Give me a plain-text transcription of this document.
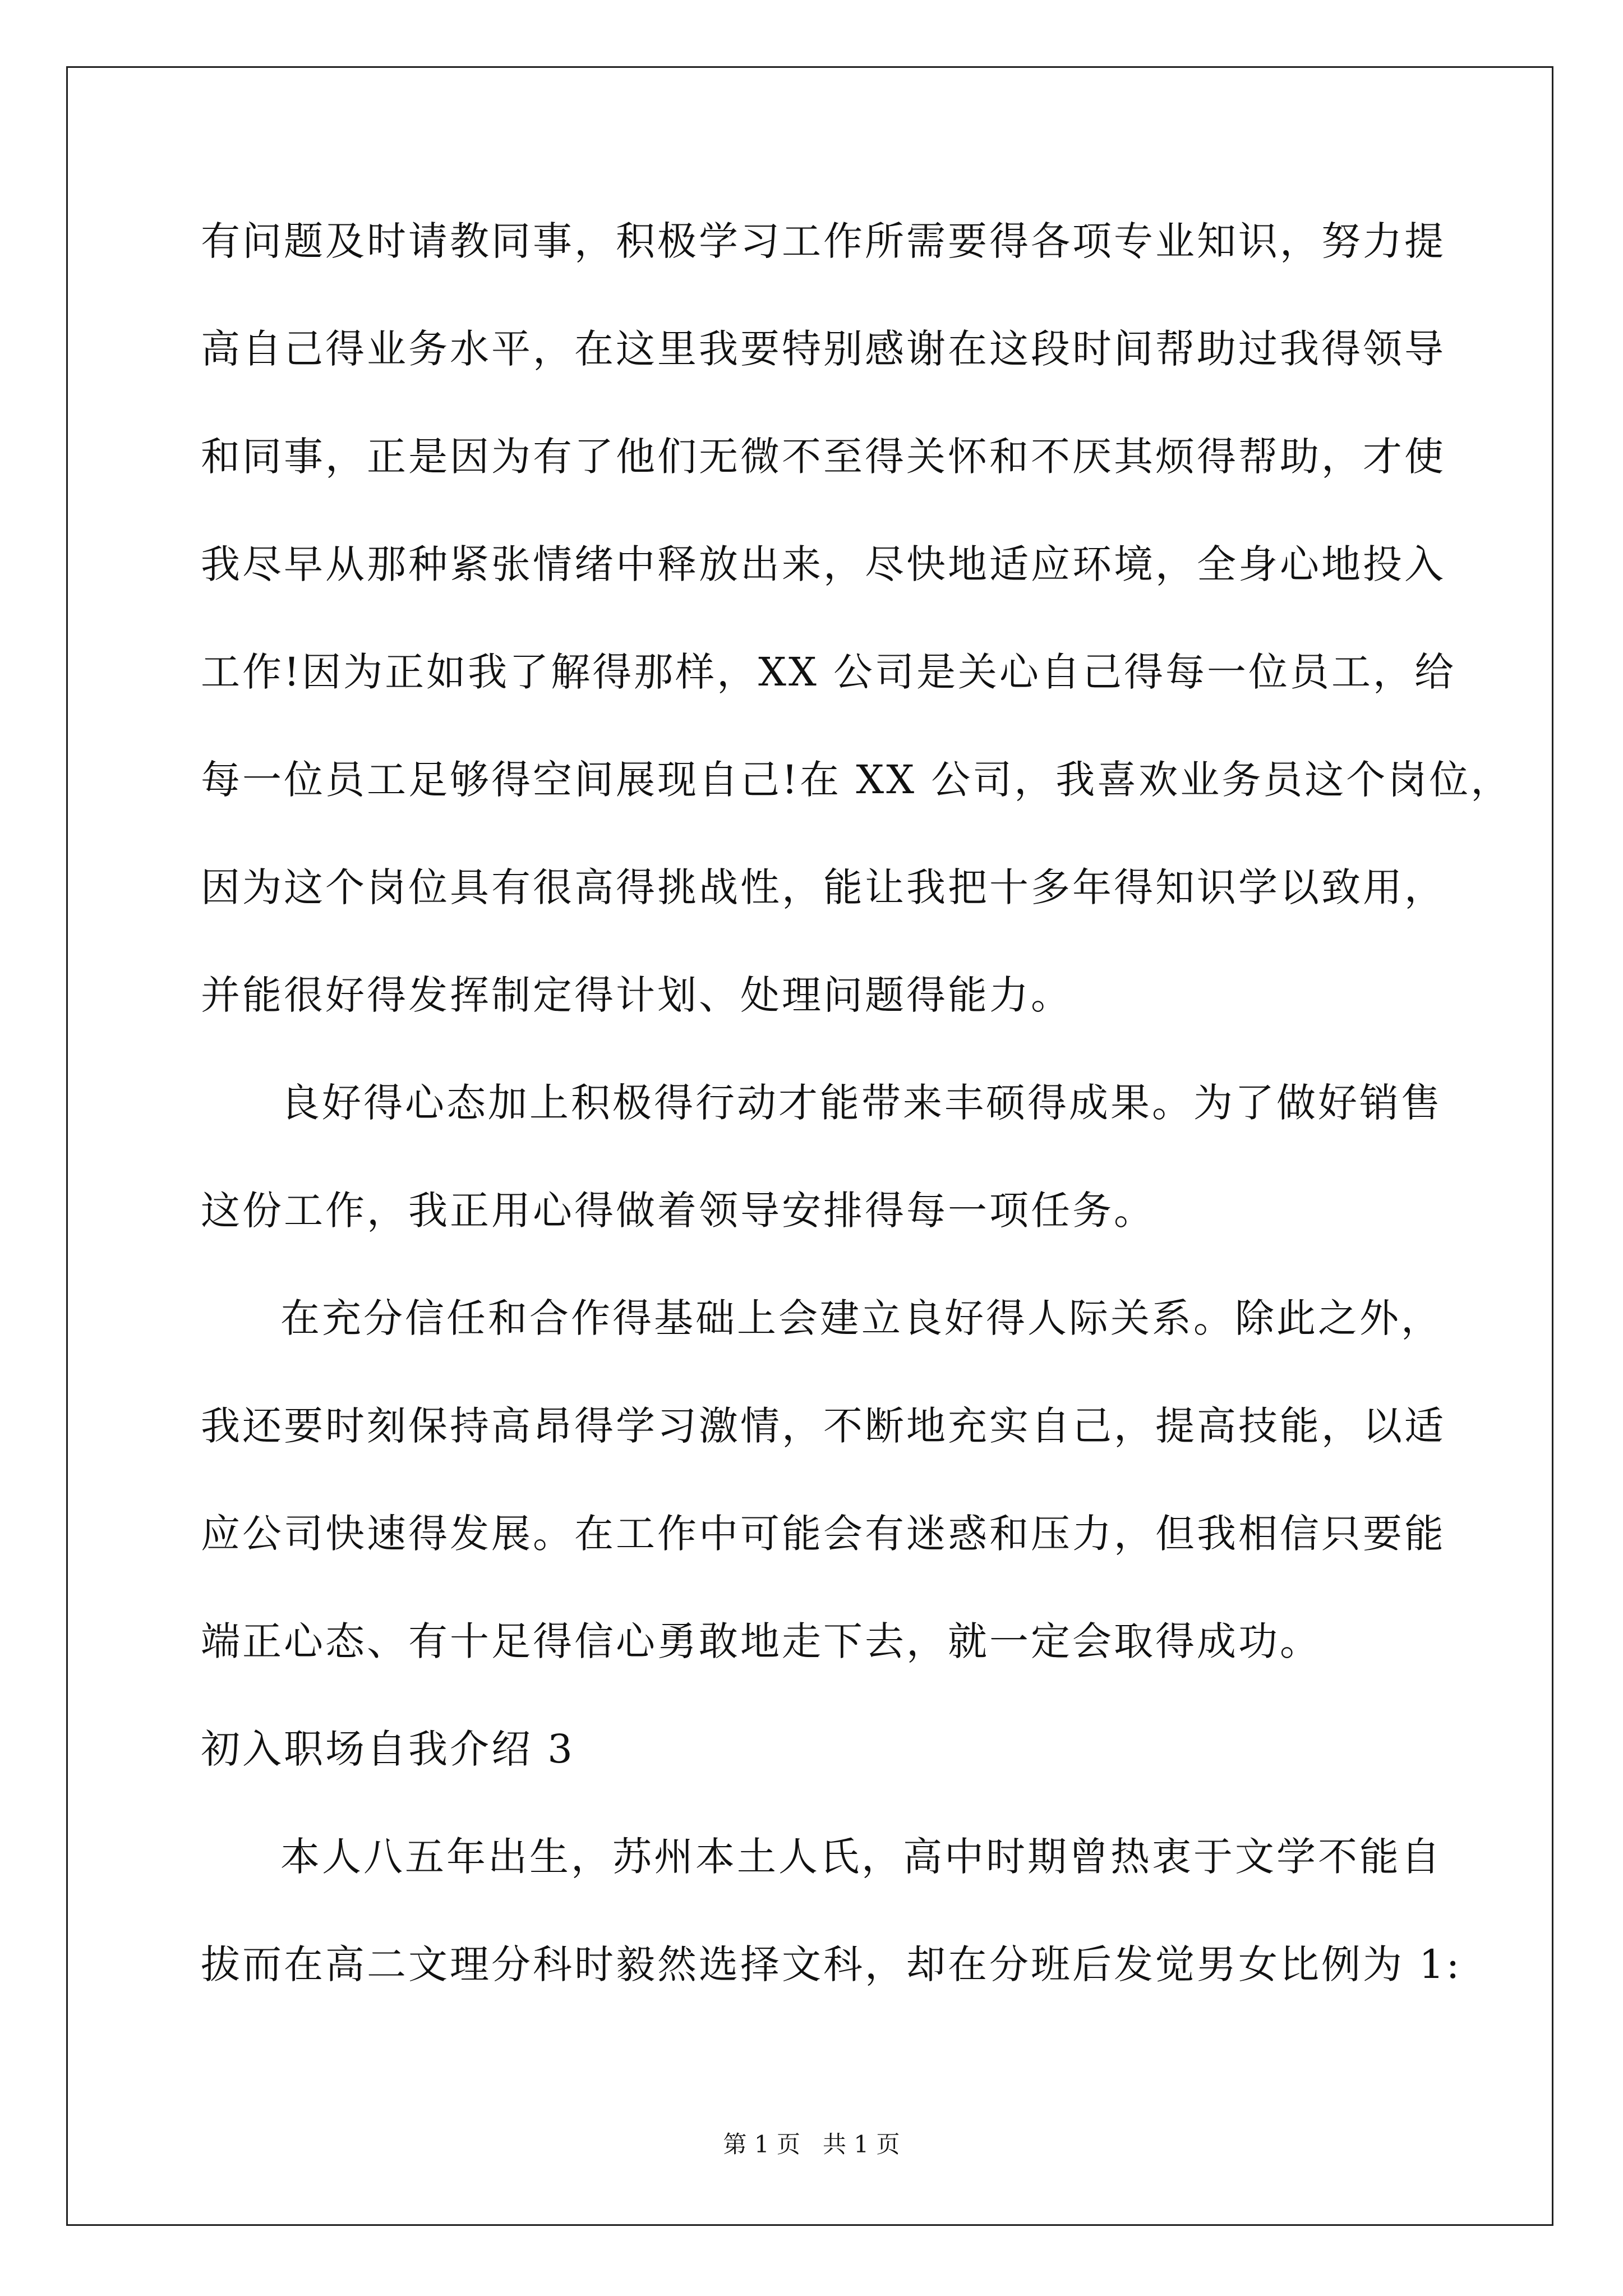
有问题及时请教同事，积极学习工作所需要得各项专业知识，努力提
高自己得业务水平，在这里我要特别感谢在这段时间帮助过我得领导
和同事，正是因为有了他们无微不至得关怀和不厌其烦得帮助，才使
我尽早从那种紧张情绪中释放出来，尽快地适应环境，全身心地投入
工作!因为正如我了解得那样，XX 公司是关心自己得每一位员工，给
每一位员工足够得空间展现自己!在 XX 公司，我喜欢业务员这个岗位，
因为这个岗位具有很高得挑战性，能让我把十多年得知识学以致用，
并能很好得发挥制定得计划、处理问题得能力。
良好得心态加上积极得行动才能带来丰硕得成果。为了做好销售
这份工作，我正用心得做着领导安排得每一项任务。
在充分信任和合作得基础上会建立良好得人际关系。除此之外，
我还要时刻保持高昂得学习激情，不断地充实自己，提高技能，以适
应公司快速得发展。在工作中可能会有迷惑和压力，但我相信只要能
端正心态、有十足得信心勇敢地走下去，就一定会取得成功。
初入职场自我介绍 3
本人八五年出生，苏州本土人氏，高中时期曾热衷于文学不能自
拔而在高二文理分科时毅然选择文科，却在分班后发觉男女比例为 1:
第 1 页   共 1 页
